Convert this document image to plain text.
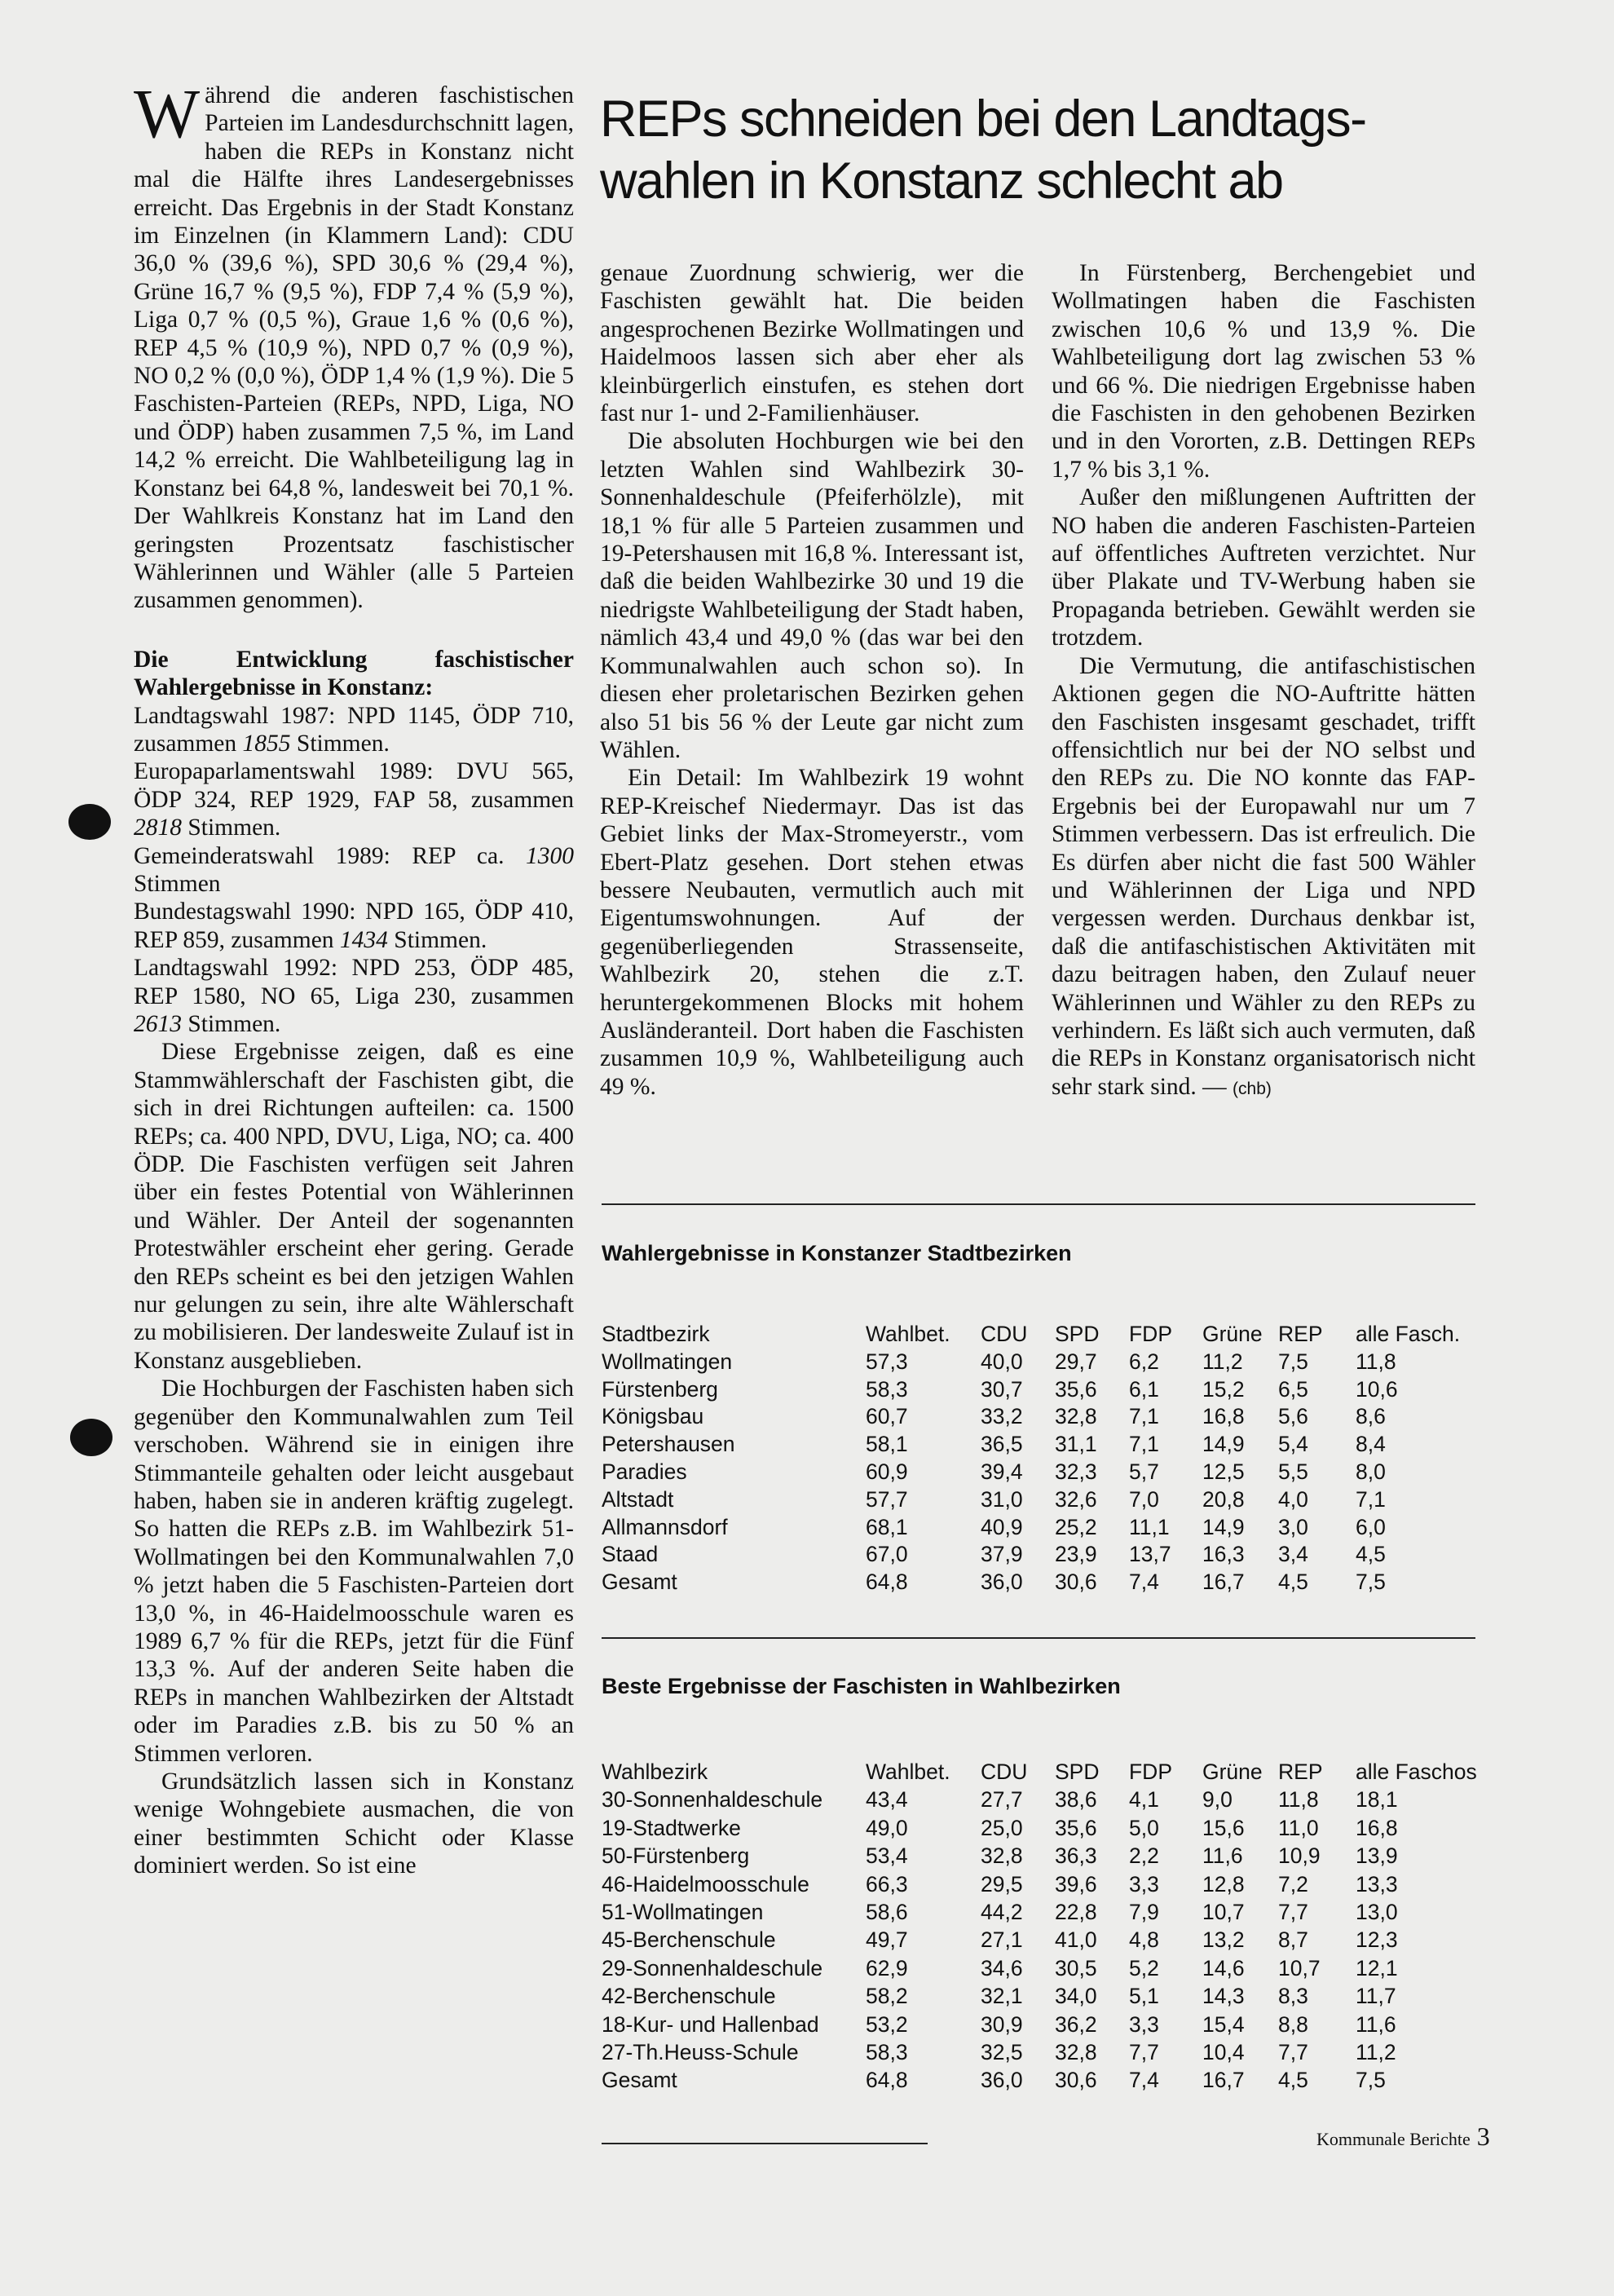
REPs schneiden bei den Landtags-
wahlen in Konstanz schlecht ab

Während die anderen faschistischen Parteien im Landesdurchschnitt lagen, haben die REPs in Konstanz nicht mal die Hälfte ihres Landesergebnisses erreicht. Das Ergebnis in der Stadt Konstanz im Einzelnen (in Klammern Land): CDU 36,0 % (39,6 %), SPD 30,6 % (29,4 %), Grüne 16,7 % (9,5 %), FDP 7,4 % (5,9 %), Liga 0,7 % (0,5 %), Graue 1,6 % (0,6 %), REP 4,5 % (10,9 %), NPD 0,7 % (0,9 %), NO 0,2 % (0,0 %), ÖDP 1,4 % (1,9 %). Die 5 Faschisten-Parteien (REPs, NPD, Liga, NO und ÖDP) haben zusammen 7,5 %, im Land 14,2 % erreicht. Die Wahlbeteiligung lag in Konstanz bei 64,8 %, landesweit bei 70,1 %. Der Wahlkreis Konstanz hat im Land den geringsten Prozentsatz faschistischer Wählerinnen und Wähler (alle 5 Parteien zusammen genommen).

Die Entwicklung faschistischer Wahlergebnisse in Konstanz:

Landtagswahl 1987: NPD 1145, ÖDP 710, zusammen 1855 Stimmen.

Europaparlamentswahl 1989: DVU 565, ÖDP 324, REP 1929, FAP 58, zusammen 2818 Stimmen.

Gemeinderatswahl 1989: REP ca. 1300 Stimmen

Bundestagswahl 1990: NPD 165, ÖDP 410, REP 859, zusammen 1434 Stimmen.

Landtagswahl 1992: NPD 253, ÖDP 485, REP 1580, NO 65, Liga 230, zusammen 2613 Stimmen.

Diese Ergebnisse zeigen, daß es eine Stammwählerschaft der Faschisten gibt, die sich in drei Richtungen aufteilen: ca. 1500 REPs; ca. 400 NPD, DVU, Liga, NO; ca. 400 ÖDP. Die Faschisten verfügen seit Jahren über ein festes Potential von Wählerinnen und Wähler. Der Anteil der sogenannten Protestwähler erscheint eher gering. Gerade den REPs scheint es bei den jetzigen Wahlen nur gelungen zu sein, ihre alte Wählerschaft zu mobilisieren. Der landesweite Zulauf ist in Konstanz ausgeblieben.

Die Hochburgen der Faschisten haben sich gegenüber den Kommunalwahlen zum Teil verschoben. Während sie in einigen ihre Stimmanteile gehalten oder leicht ausgebaut haben, haben sie in anderen kräftig zugelegt. So hatten die REPs z.B. im Wahlbezirk 51-Wollmatingen bei den Kommunalwahlen 7,0 % jetzt haben die 5 Faschisten-Parteien dort 13,0 %, in 46-Haidelmoosschule waren es 1989 6,7 % für die REPs, jetzt für die Fünf 13,3 %. Auf der anderen Seite haben die REPs in manchen Wahlbezirken der Altstadt oder im Paradies z.B. bis zu 50 % an Stimmen verloren.

Grundsätzlich lassen sich in Konstanz wenige Wohngebiete ausmachen, die von einer bestimmten Schicht oder Klasse dominiert werden. So ist eine

genaue Zuordnung schwierig, wer die Faschisten gewählt hat. Die beiden angesprochenen Bezirke Wollmatingen und Haidelmoos lassen sich aber eher als kleinbürgerlich einstufen, es stehen dort fast nur 1- und 2-Familienhäuser.

Die absoluten Hochburgen wie bei den letzten Wahlen sind Wahlbezirk 30-Sonnenhaldeschule (Pfeiferhölzle), mit 18,1 % für alle 5 Parteien zusammen und 19-Petershausen mit 16,8 %. Interessant ist, daß die beiden Wahlbezirke 30 und 19 die niedrigste Wahlbeteiligung der Stadt haben, nämlich 43,4 und 49,0 % (das war bei den Kommunalwahlen auch schon so). In diesen eher proletarischen Bezirken gehen also 51 bis 56 % der Leute gar nicht zum Wählen.

Ein Detail: Im Wahlbezirk 19 wohnt REP-Kreischef Niedermayr. Das ist das Gebiet links der Max-Stromeyerstr., vom Ebert-Platz gesehen. Dort stehen etwas bessere Neubauten, vermutlich auch mit Eigentumswohnungen. Auf der gegenüberliegenden Strassenseite, Wahlbezirk 20, stehen die z.T. heruntergekommenen Blocks mit hohem Ausländeranteil. Dort haben die Faschisten zusammen 10,9 %, Wahlbeteiligung auch 49 %.

In Fürstenberg, Berchengebiet und Wollmatingen haben die Faschisten zwischen 10,6 % und 13,9 %. Die Wahlbeteiligung dort lag zwischen 53 % und 66 %. Die niedrigen Ergebnisse haben die Faschisten in den gehobenen Bezirken und in den Vororten, z.B. Dettingen REPs 1,7 % bis 3,1 %.

Außer den mißlungenen Auftritten der NO haben die anderen Faschisten-Parteien auf öffentliches Auftreten verzichtet. Nur über Plakate und TV-Werbung haben sie Propaganda betrieben. Gewählt werden sie trotzdem.

Die Vermutung, die antifaschistischen Aktionen gegen die NO-Auftritte hätten den Faschisten insgesamt geschadet, trifft offensichtlich nur bei der NO selbst und den REPs zu. Die NO konnte das FAP-Ergebnis bei der Europawahl nur um 7 Stimmen verbessern. Das ist erfreulich. Die Es dürfen aber nicht die fast 500 Wähler und Wählerinnen der Liga und NPD vergessen werden. Durchaus denkbar ist, daß die antifaschistischen Aktivitäten mit dazu beitragen haben, den Zulauf neuer Wählerinnen und Wähler zu den REPs zu verhindern. Es läßt sich auch vermuten, daß die REPs in Konstanz organisatorisch nicht sehr stark sind. — (chb)

Wahlergebnisse in Konstanzer Stadtbezirken
Stadtbezirk	Wahlbet.	CDU	SPD	FDP	Grüne	REP	alle Fasch.
Wollmatingen	57,3	40,0	29,7	6,2	11,2	7,5	11,8
Fürstenberg	58,3	30,7	35,6	6,1	15,2	6,5	10,6
Königsbau	60,7	33,2	32,8	7,1	16,8	5,6	8,6
Petershausen	58,1	36,5	31,1	7,1	14,9	5,4	8,4
Paradies	60,9	39,4	32,3	5,7	12,5	5,5	8,0
Altstadt	57,7	31,0	32,6	7,0	20,8	4,0	7,1
Allmannsdorf	68,1	40,9	25,2	11,1	14,9	3,0	6,0
Staad	67,0	37,9	23,9	13,7	16,3	3,4	4,5
Gesamt	64,8	36,0	30,6	7,4	16,7	4,5	7,5
Beste Ergebnisse der Faschisten in Wahlbezirken
Wahlbezirk	Wahlbet.	CDU	SPD	FDP	Grüne	REP	alle Faschos
30-Sonnenhaldeschule	43,4	27,7	38,6	4,1	9,0	11,8	18,1
19-Stadtwerke	49,0	25,0	35,6	5,0	15,6	11,0	16,8
50-Fürstenberg	53,4	32,8	36,3	2,2	11,6	10,9	13,9
46-Haidelmoosschule	66,3	29,5	39,6	3,3	12,8	7,2	13,3
51-Wollmatingen	58,6	44,2	22,8	7,9	10,7	7,7	13,0
45-Berchenschule	49,7	27,1	41,0	4,8	13,2	8,7	12,3
29-Sonnenhaldeschule	62,9	34,6	30,5	5,2	14,6	10,7	12,1
42-Berchenschule	58,2	32,1	34,0	5,1	14,3	8,3	11,7
18-Kur- und Hallenbad	53,2	30,9	36,2	3,3	15,4	8,8	11,6
27-Th.Heuss-Schule	58,3	32,5	32,8	7,7	10,4	7,7	11,2
Gesamt	64,8	36,0	30,6	7,4	16,7	4,5	7,5
Kommunale Berichte 3
